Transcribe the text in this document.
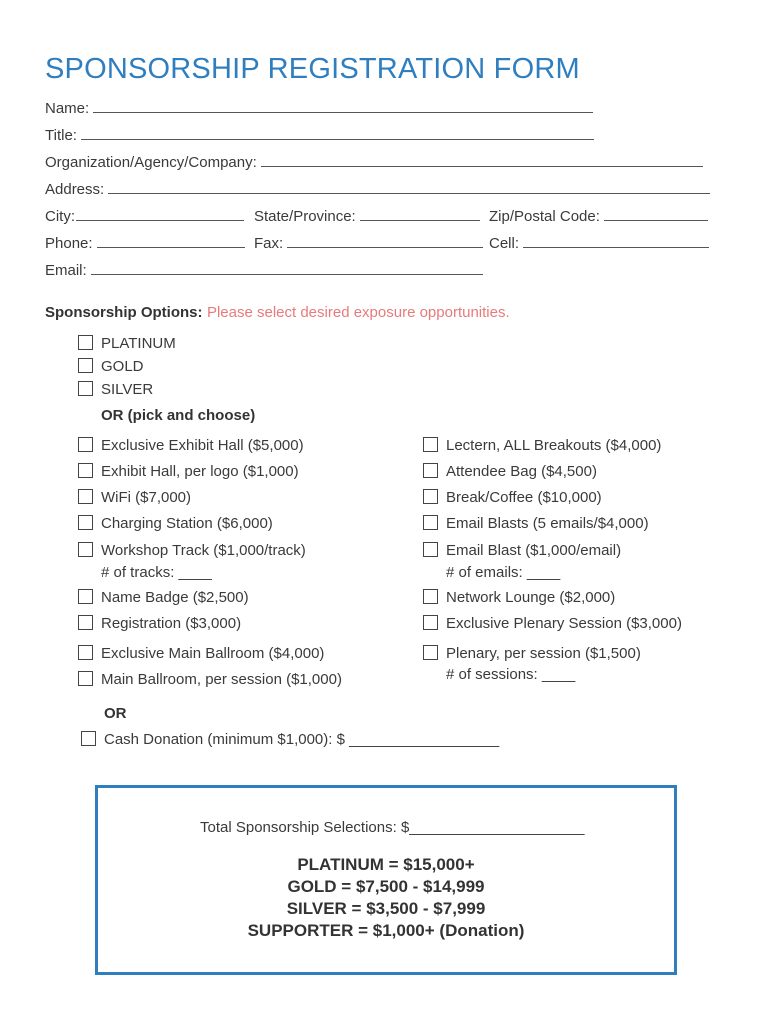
SPONSORSHIP REGISTRATION FORM
Name:
Title:
Organization/Agency/Company:
Address:
City:	State/Province:	Zip/Postal Code:
Phone:	Fax:	Cell:
Email:
Sponsorship Options: Please select desired exposure opportunities.
PLATINUM
GOLD
SILVER
OR (pick and choose)
Exclusive Exhibit Hall ($5,000)
Exhibit Hall, per logo ($1,000)
WiFi ($7,000)
Charging Station ($6,000)
Workshop Track ($1,000/track)
# of tracks: ____
Name Badge ($2,500)
Registration ($3,000)
Exclusive Main Ballroom ($4,000)
Main Ballroom, per session ($1,000)
Lectern, ALL Breakouts ($4,000)
Attendee Bag ($4,500)
Break/Coffee ($10,000)
Email Blasts (5 emails/$4,000)
Email Blast ($1,000/email)
# of emails: ____
Network Lounge ($2,000)
Exclusive Plenary Session ($3,000)
Plenary, per session ($1,500)
# of sessions: ____
OR
Cash Donation (minimum $1,000): $ __________________
Total Sponsorship Selections: $_____________________
PLATINUM = $15,000+
GOLD = $7,500 - $14,999
SILVER = $3,500 - $7,999
SUPPORTER = $1,000+ (Donation)
